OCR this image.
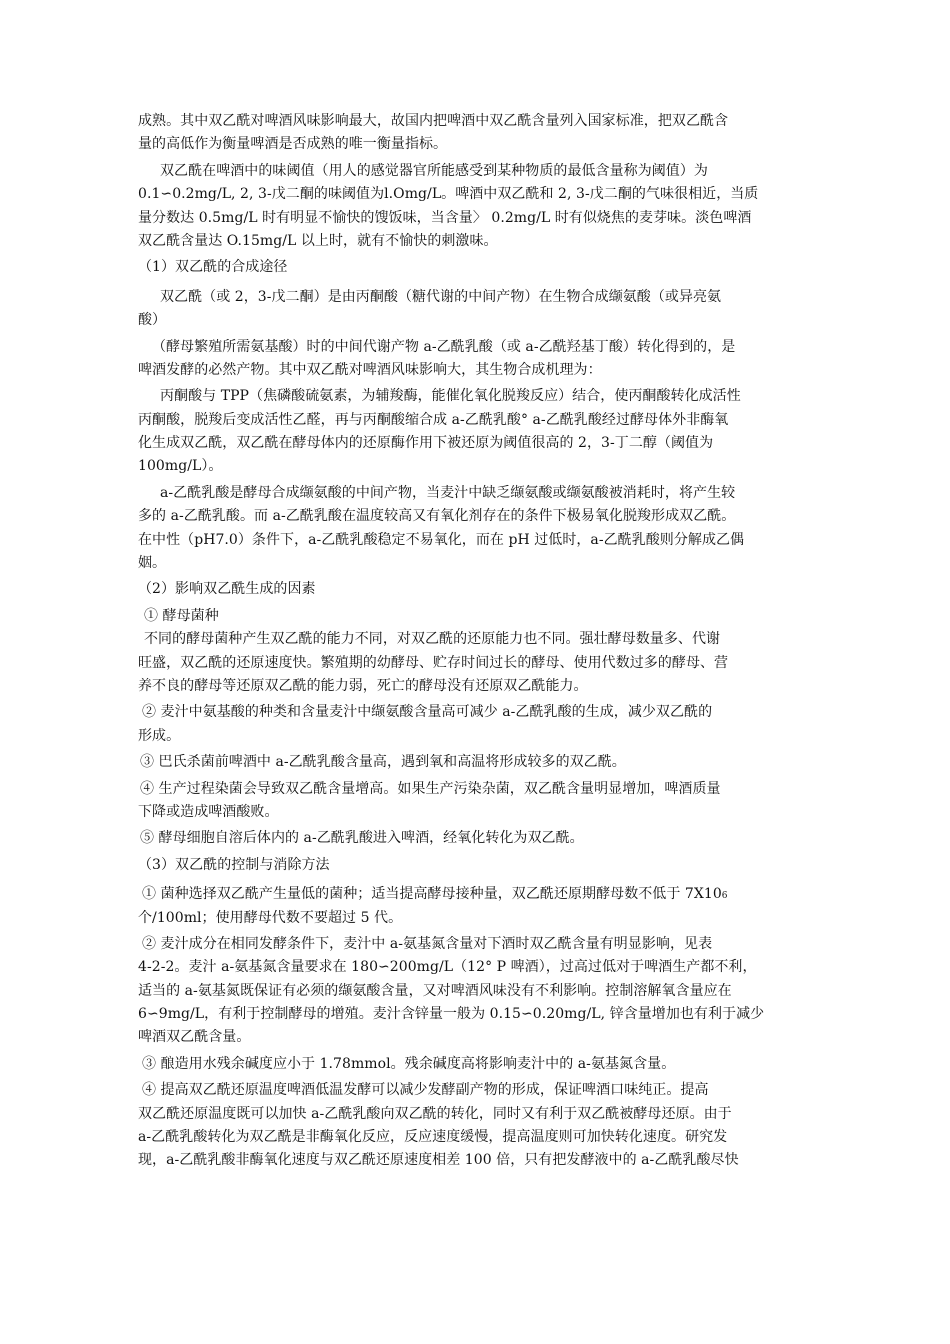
成熟。其中双乙酰对啤酒风味影响最大，故国内把啤酒中双乙酰含量列入国家标准，把双乙酰含
量的高低作为衡量啤酒是否成熟的唯一衡量指标。
双乙酰在啤酒中的味阈值（用人的感觉器官所能感受到某种物质的最低含量称为阈值）为
0.1∽0.2mg/L, 2, 3-戊二酮的味阈值为l.Omg/L。啤酒中双乙酰和 2, 3-戊二酮的气味很相近，当质
量分数达 0.5mg/L 时有明显不愉快的馊饭味，当含量〉 0.2mg/L 时有似烧焦的麦芽味。淡色啤酒
双乙酰含量达 O.15mg/L 以上时，就有不愉快的刺激味。
（1）双乙酰的合成途径
双乙酰（或 2，3-戊二酮）是由丙酮酸（糖代谢的中间产物）在生物合成缬氨酸（或异亮氨
酸）
（酵母繁殖所需氨基酸）时的中间代谢产物 a-乙酰乳酸（或 a-乙酰羟基丁酸）转化得到的，是
啤酒发酵的必然产物。其中双乙酰对啤酒风味影响大，其生物合成机理为：
丙酮酸与 TPP（焦磷酸硫氨素，为辅羧酶，能催化氧化脱羧反应）结合，使丙酮酸转化成活性
丙酮酸，脱羧后变成活性乙醛，再与丙酮酸缩合成 a-乙酰乳酸° a-乙酰乳酸经过酵母体外非酶氧
化生成双乙酰，双乙酰在酵母体内的还原酶作用下被还原为阈值很高的 2，3-丁二醇（阈值为
100mg/L）。
a-乙酰乳酸是酵母合成缬氨酸的中间产物，当麦汁中缺乏缬氨酸或缬氨酸被消耗时，将产生较
多的 a-乙酰乳酸。而 a-乙酰乳酸在温度较高又有氧化剂存在的条件下极易氧化脱羧形成双乙酰。
在中性（pH7.0）条件下，a-乙酰乳酸稳定不易氧化，而在 pH 过低时，a-乙酰乳酸则分解成乙偶
姻。
（2）影响双乙酰生成的因素
① 酵母菌种
不同的酵母菌种产生双乙酰的能力不同，对双乙酰的还原能力也不同。强壮酵母数量多、代谢
旺盛，双乙酰的还原速度快。繁殖期的幼酵母、贮存时间过长的酵母、使用代数过多的酵母、营
养不良的酵母等还原双乙酰的能力弱，死亡的酵母没有还原双乙酰能力。
② 麦汁中氨基酸的种类和含量麦汁中缬氨酸含量高可减少 a-乙酰乳酸的生成，减少双乙酰的
形成。
③ 巴氏杀菌前啤酒中 a-乙酰乳酸含量高，遇到氧和高温将形成较多的双乙酰。
④ 生产过程染菌会导致双乙酰含量增高。如果生产污染杂菌，双乙酰含量明显增加，啤酒质量
下降或造成啤酒酸败。
⑤ 酵母细胞自溶后体内的 a-乙酰乳酸进入啤酒，经氧化转化为双乙酰。
（3）双乙酰的控制与消除方法
① 菌种选择双乙酰产生量低的菌种；适当提高酵母接种量，双乙酰还原期酵母数不低于 7X106
个/100ml；使用酵母代数不要超过 5 代。
② 麦汁成分在相同发酵条件下，麦汁中 a-氨基氮含量对下酒时双乙酰含量有明显影响，见表
4-2-2。麦汁 a-氨基氮含量要求在 180∽200mg/L（12° P 啤酒），过高过低对于啤酒生产都不利，
适当的 a-氨基氮既保证有必须的缬氨酸含量，又对啤酒风味没有不利影响。控制溶解氧含量应在
6∽9mg/L，有利于控制酵母的增殖。麦汁含锌量一般为 0.15∽0.20mg/L, 锌含量增加也有利于减少
啤酒双乙酰含量。
③ 酿造用水残余碱度应小于 1.78mmol。残余碱度高将影响麦汁中的 a-氨基氮含量。
④ 提高双乙酰还原温度啤酒低温发酵可以减少发酵副产物的形成，保证啤酒口味纯正。提高
双乙酰还原温度既可以加快 a-乙酰乳酸向双乙酰的转化，同时又有利于双乙酰被酵母还原。由于
a-乙酰乳酸转化为双乙酰是非酶氧化反应，反应速度缓慢，提高温度则可加快转化速度。研究发
现，a-乙酰乳酸非酶氧化速度与双乙酰还原速度相差 100 倍，只有把发酵液中的 a-乙酰乳酸尽快
